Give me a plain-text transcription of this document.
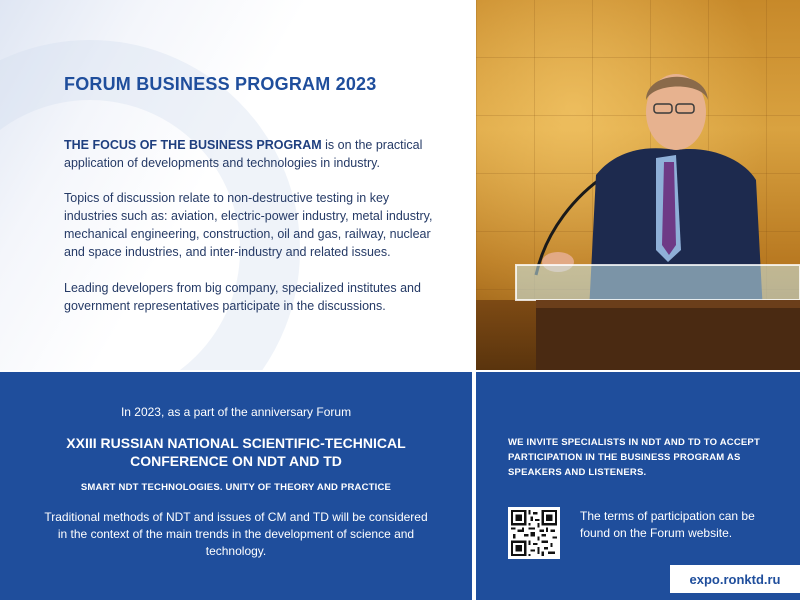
FORUM BUSINESS PROGRAM 2023

THE FOCUS OF THE BUSINESS PROGRAM is on the practical application of developments and technologies in industry.

Topics of discussion relate to non-destructive testing in key industries such as: aviation, electric-power industry, metal industry, mechanical engineering, construction, oil and gas, railway, nuclear and space industries, and inter-industry and related issues.

Leading developers from big company, specialized institutes and government representatives participate in the discussions.

In 2023, as a part of the anniversary Forum

XXIII RUSSIAN NATIONAL SCIENTIFIC-TECHNICAL CONFERENCE ON NDT AND TD

SMART NDT TECHNOLOGIES. UNITY OF THEORY AND PRACTICE

Traditional methods of NDT and issues of CM and TD will be considered in the context of the main trends in the development of science and technology.

WE INVITE SPECIALISTS IN NDT AND TD TO ACCEPT PARTICIPATION IN THE BUSINESS PROGRAM AS SPEAKERS AND LISTENERS.

The terms of participation can be found on the Forum website.

expo.ronktd.ru
